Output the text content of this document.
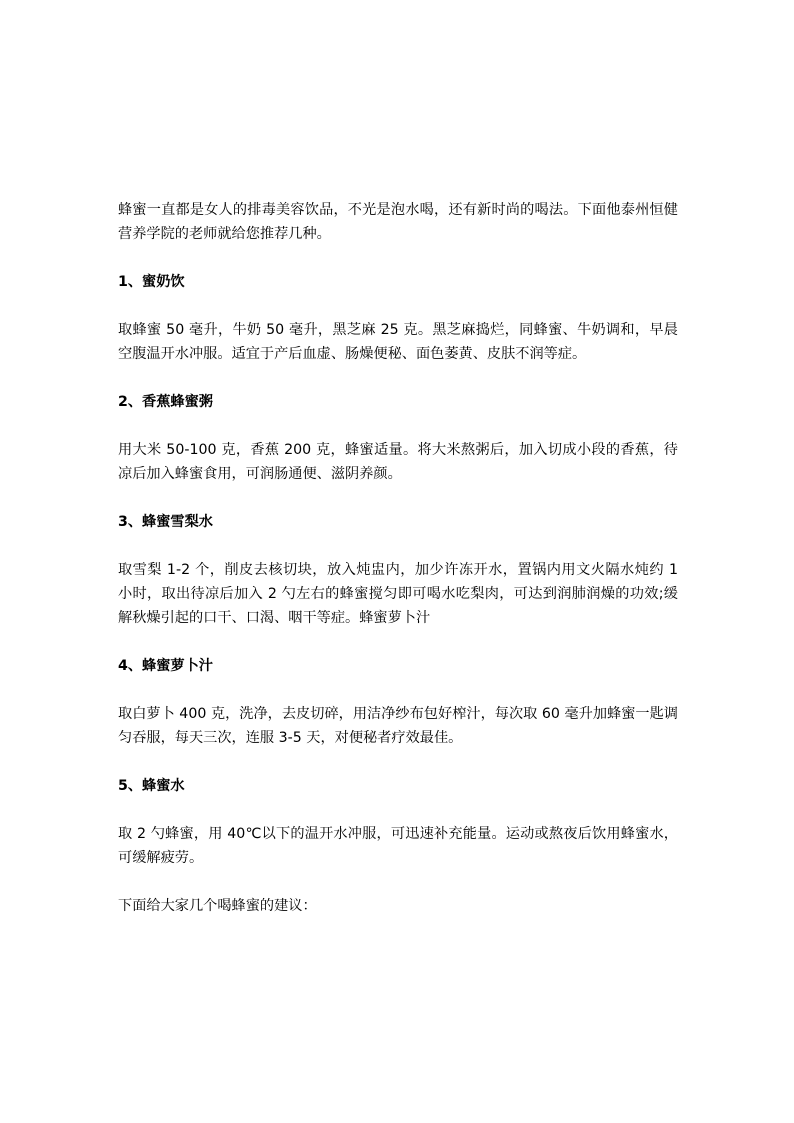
蜂蜜一直都是女人的排毒美容饮品，不光是泡水喝，还有新时尚的喝法。下面他泰州恒健营养学院的老师就给您推荐几种。

1、蜜奶饮

取蜂蜜 50 毫升，牛奶 50 毫升，黑芝麻 25 克。黑芝麻捣烂，同蜂蜜、牛奶调和，早晨空腹温开水冲服。适宜于产后血虚、肠燥便秘、面色萎黄、皮肤不润等症。

2、香蕉蜂蜜粥

用大米 50-100 克，香蕉 200 克，蜂蜜适量。将大米熬粥后，加入切成小段的香蕉，待凉后加入蜂蜜食用，可润肠通便、滋阴养颜。

3、蜂蜜雪梨水

取雪梨 1-2 个，削皮去核切块，放入炖盅内，加少许冻开水，置锅内用文火隔水炖约 1 小时，取出待凉后加入 2 勺左右的蜂蜜搅匀即可喝水吃梨肉，可达到润肺润燥的功效;缓解秋燥引起的口干、口渴、咽干等症。蜂蜜萝卜汁

4、蜂蜜萝卜汁

取白萝卜 400 克，洗净，去皮切碎，用洁净纱布包好榨汁，每次取 60 毫升加蜂蜜一匙调匀吞服，每天三次，连服 3-5 天，对便秘者疗效最佳。

5、蜂蜜水

取 2 勺蜂蜜，用 40℃以下的温开水冲服，可迅速补充能量。运动或熬夜后饮用蜂蜜水，可缓解疲劳。

下面给大家几个喝蜂蜜的建议：
